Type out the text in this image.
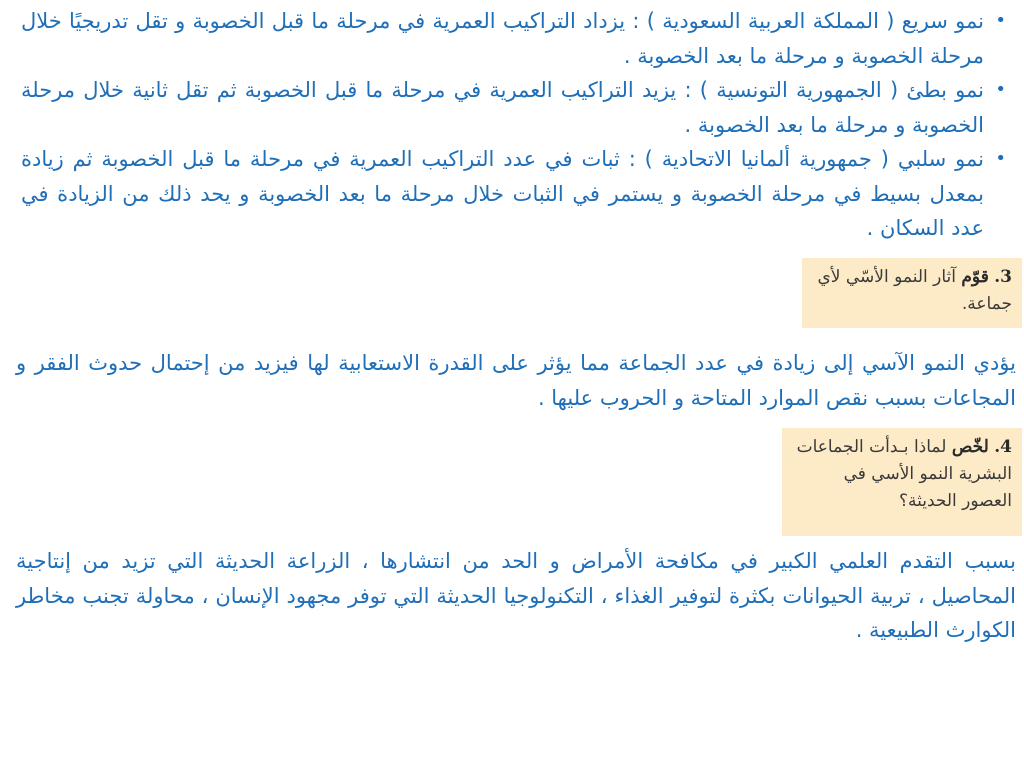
•
نمو سريع ( المملكة العربية السعودية ) : يزداد التراكيب العمرية في مرحلة ما قبل الخصوبة و تقل تدريجيًا خلال مرحلة الخصوبة و مرحلة ما بعد الخصوبة .
•
نمو بطئ ( الجمهورية التونسية ) : يزيد التراكيب العمرية في مرحلة ما قبل الخصوبة ثم تقل ثانية خلال مرحلة الخصوبة و مرحلة ما بعد الخصوبة .
•
نمو سلبي ( جمهورية ألمانيا الاتحادية ) : ثبات في عدد التراكيب العمرية في مرحلة ما قبل الخصوبة ثم زيادة بمعدل بسيط في مرحلة الخصوبة و يستمر في الثبات خلال مرحلة ما بعد الخصوبة و يحد ذلك من الزيادة في عدد السكان .
3. قوّم آثار النمو الأسّي لأي جماعة.

يؤدي النمو الآسي إلى زيادة في عدد الجماعة مما يؤثر على القدرة الاستعابية لها فيزيد من إحتمال حدوث الفقر و المجاعات بسبب نقص الموارد المتاحة و الحروب عليها .

4. لخّص لماذا بـدأت الجماعات البشرية النمو الأسي في العصور الحديثة؟

بسبب التقدم العلمي الكبير في مكافحة الأمراض و الحد من انتشارها ، الزراعة الحديثة التي تزيد من إنتاجية المحاصيل ، تربية الحيوانات بكثرة لتوفير الغذاء ، التكنولوجيا الحديثة التي توفر مجهود الإنسان ، محاولة تجنب مخاطر الكوارث الطبيعية .
